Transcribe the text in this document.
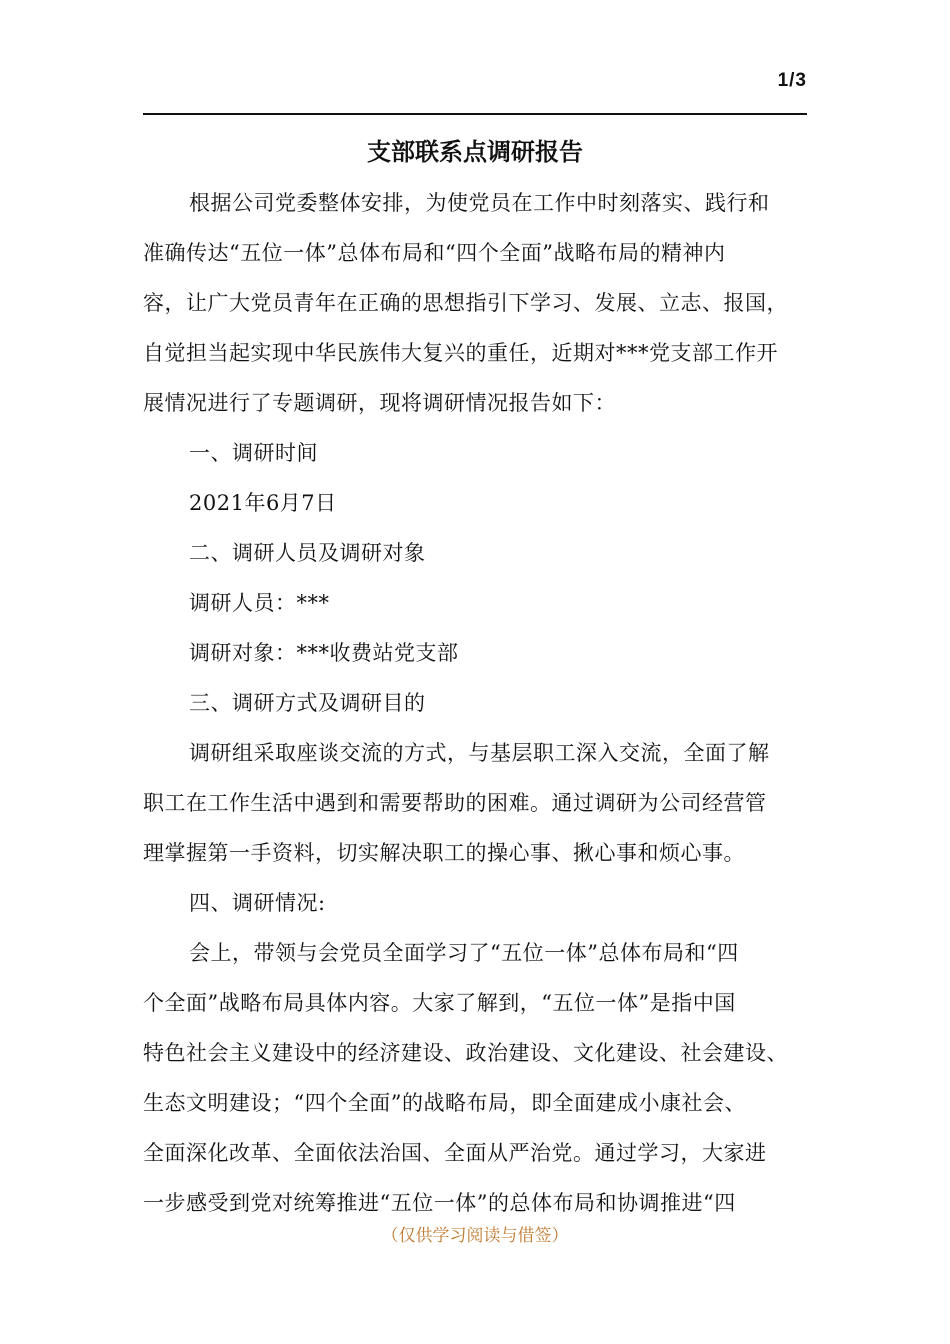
1/3
支部联系点调研报告

根据公司党委整体安排，为使党员在工作中时刻落实、践行和
准确传达“五位一体”总体布局和“四个全面”战略布局的精神内
容，让广大党员青年在正确的思想指引下学习、发展、立志、报国，
自觉担当起实现中华民族伟大复兴的重任，近期对***党支部工作开
展情况进行了专题调研，现将调研情况报告如下：

一、调研时间

2021年6月7日

二、调研人员及调研对象

调研人员：***

调研对象：***收费站党支部

三、调研方式及调研目的

调研组采取座谈交流的方式，与基层职工深入交流，全面了解
职工在工作生活中遇到和需要帮助的困难。通过调研为公司经营管
理掌握第一手资料，切实解决职工的操心事、揪心事和烦心事。

四、调研情况:

会上，带领与会党员全面学习了“五位一体”总体布局和“四
个全面”战略布局具体内容。大家了解到，“五位一体”是指中国
特色社会主义建设中的经济建设、政治建设、文化建设、社会建设、
生态文明建设；“四个全面”的战略布局，即全面建成小康社会、
全面深化改革、全面依法治国、全面从严治党。通过学习，大家进
一步感受到党对统筹推进“五位一体”的总体布局和协调推进“四

（仅供学习阅读与借签）
